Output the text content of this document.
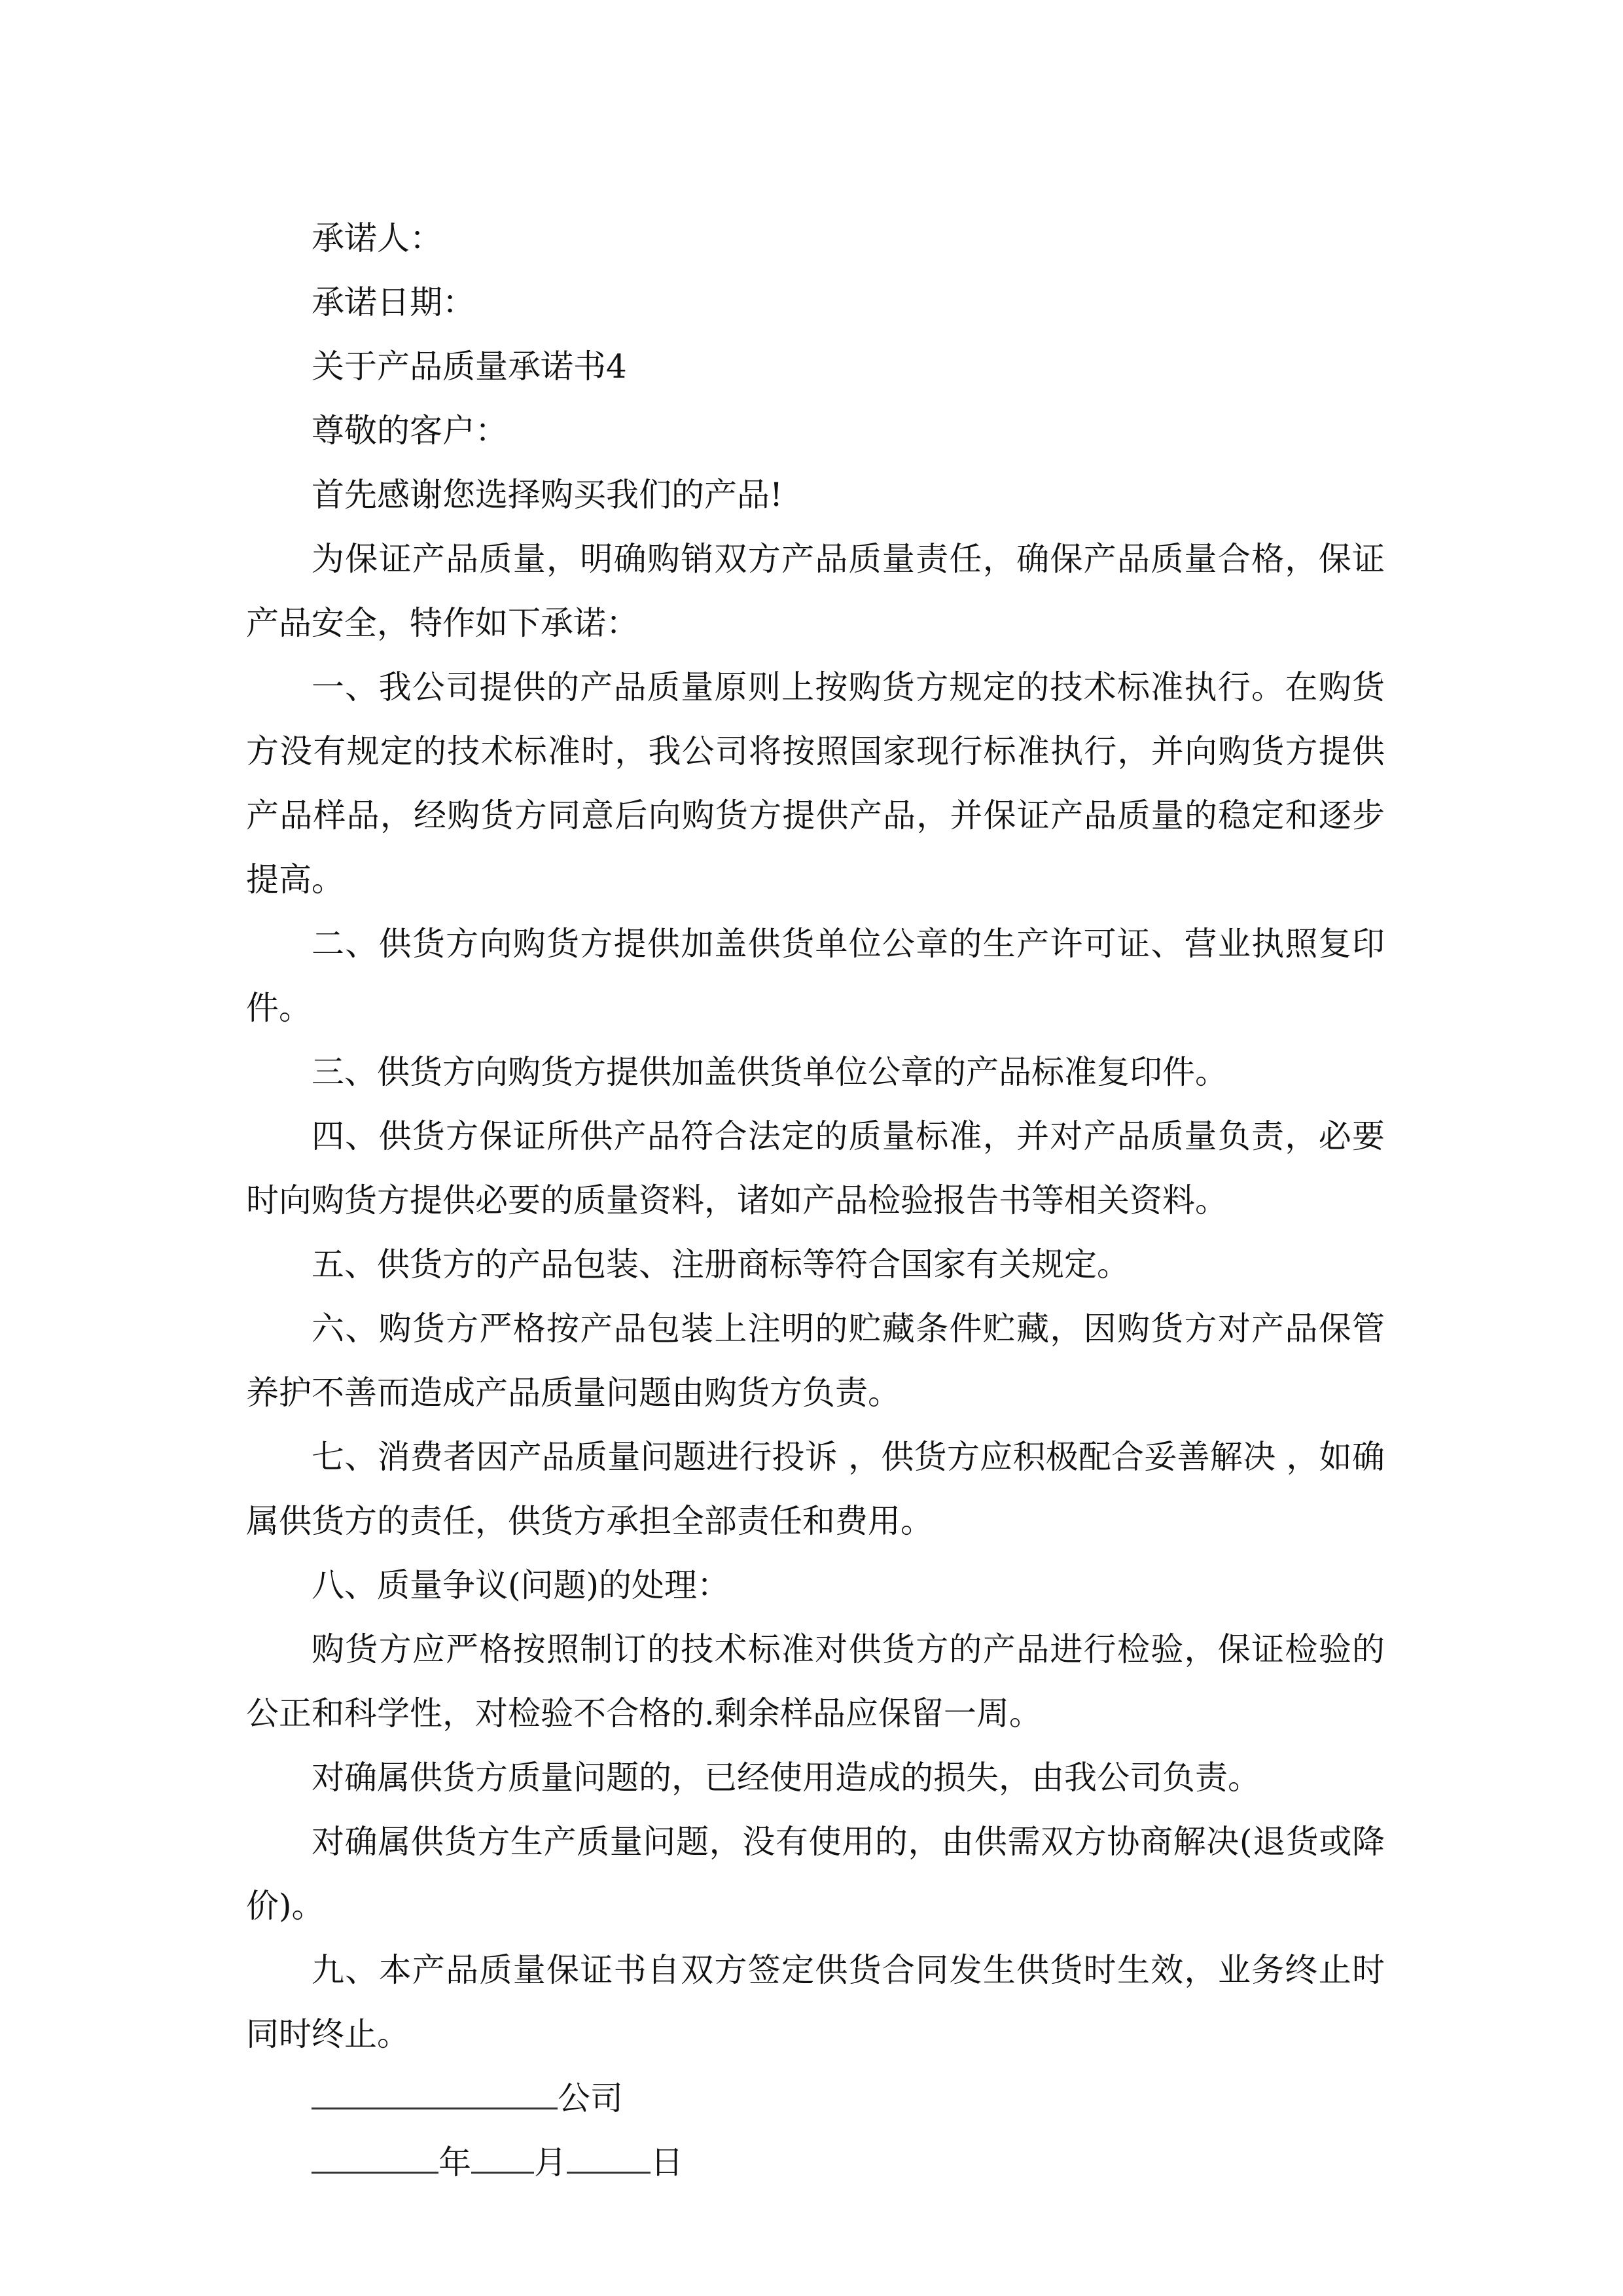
承诺人：

承诺日期：

关于产品质量承诺书4

尊敬的客户：

首先感谢您选择购买我们的产品!

为保证产品质量，明确购销双方产品质量责任，确保产品质量合格，保证产品安全，特作如下承诺：

一、我公司提供的产品质量原则上按购货方规定的技术标准执行。在购货方没有规定的技术标准时，我公司将按照国家现行标准执行，并向购货方提供产品样品，经购货方同意后向购货方提供产品，并保证产品质量的稳定和逐步提高。

二、供货方向购货方提供加盖供货单位公章的生产许可证、营业执照复印件。

三、供货方向购货方提供加盖供货单位公章的产品标准复印件。

四、供货方保证所供产品符合法定的质量标准，并对产品质量负责，必要时向购货方提供必要的质量资料，诸如产品检验报告书等相关资料。

五、供货方的产品包装、注册商标等符合国家有关规定。

六、购货方严格按产品包装上注明的贮藏条件贮藏，因购货方对产品保管养护不善而造成产品质量问题由购货方负责。

七、消费者因产品质量问题进行投诉 ，供货方应积极配合妥善解决 ，如确属供货方的责任，供货方承担全部责任和费用。

八、质量争议(问题)的处理：

购货方应严格按照制订的技术标准对供货方的产品进行检验，保证检验的公正和科学性，对检验不合格的.剩余样品应保留一周。

对确属供货方质量问题的，已经使用造成的损失，由我公司负责。

对确属供货方生产质量问题，没有使用的，由供需双方协商解决(退货或降价)。

九、本产品质量保证书自双方签定供货合同发生供货时生效，业务终止时同时终止。

公司

年 月	日
